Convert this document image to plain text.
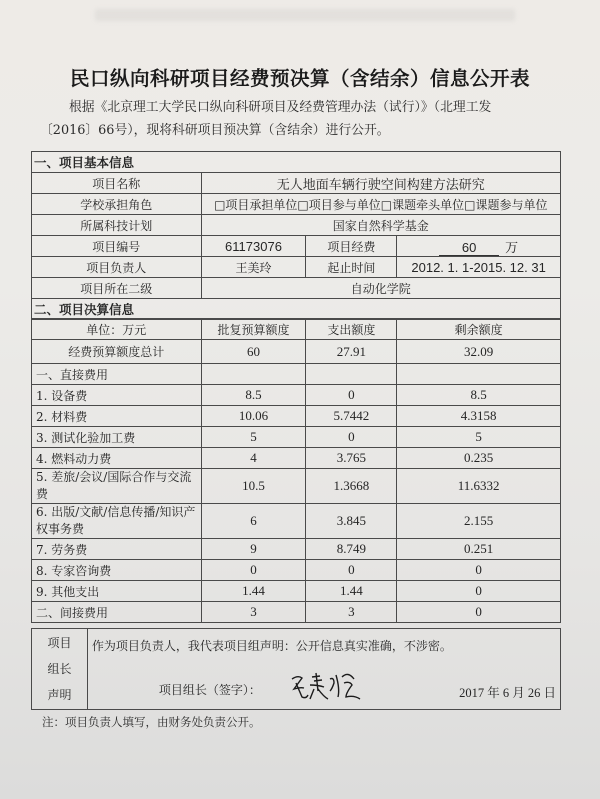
民口纵向科研项目经费预决算（含结余）信息公开表
根据《北京理工大学民口纵向科研项目及经费管理办法（试行）》（北理工发
〔2016〕66号），现将科研项目预决算（含结余）进行公开。
一、项目基本信息			
项目名称	无人地面车辆行驶空间构建方法研究		
学校承担角色	□项目承担单位□项目参与单位□课题牵头单位□课题参与单位		
所属科技计划	国家自然科学基金		
项目编号	61173076	项目经费	60 万
项目负责人	王美玲	起止时间	2012. 1. 1-2015. 12. 31
项目所在二级	自动化学院		
二、项目决算信息			
单位：万元	批复预算额度	支出额度	剩余额度
经费预算额度总计	60	27.91	32.09
一、直接费用			
1. 设备费	8.5	0	8.5
2. 材料费	10.06	5.7442	4.3158
3. 测试化验加工费	5	0	5
4. 燃料动力费	4	3.765	0.235
5. 差旅/会议/国际合作与交流费	10.5	1.3668	11.6332
6. 出版/文献/信息传播/知识产权事务费	6	3.845	2.155
7. 劳务费	9	8.749	0.251
8. 专家咨询费	0	0	0
9. 其他支出	1.44	1.44	0
二、间接费用	3	3	0
项目
组长
声明

作为项目负责人，我代表项目组声明：公开信息真实准确，不涉密。
项目组长（签字）：	2017 年 6 月 26 日
注：项目负责人填写，由财务处负责公开。
